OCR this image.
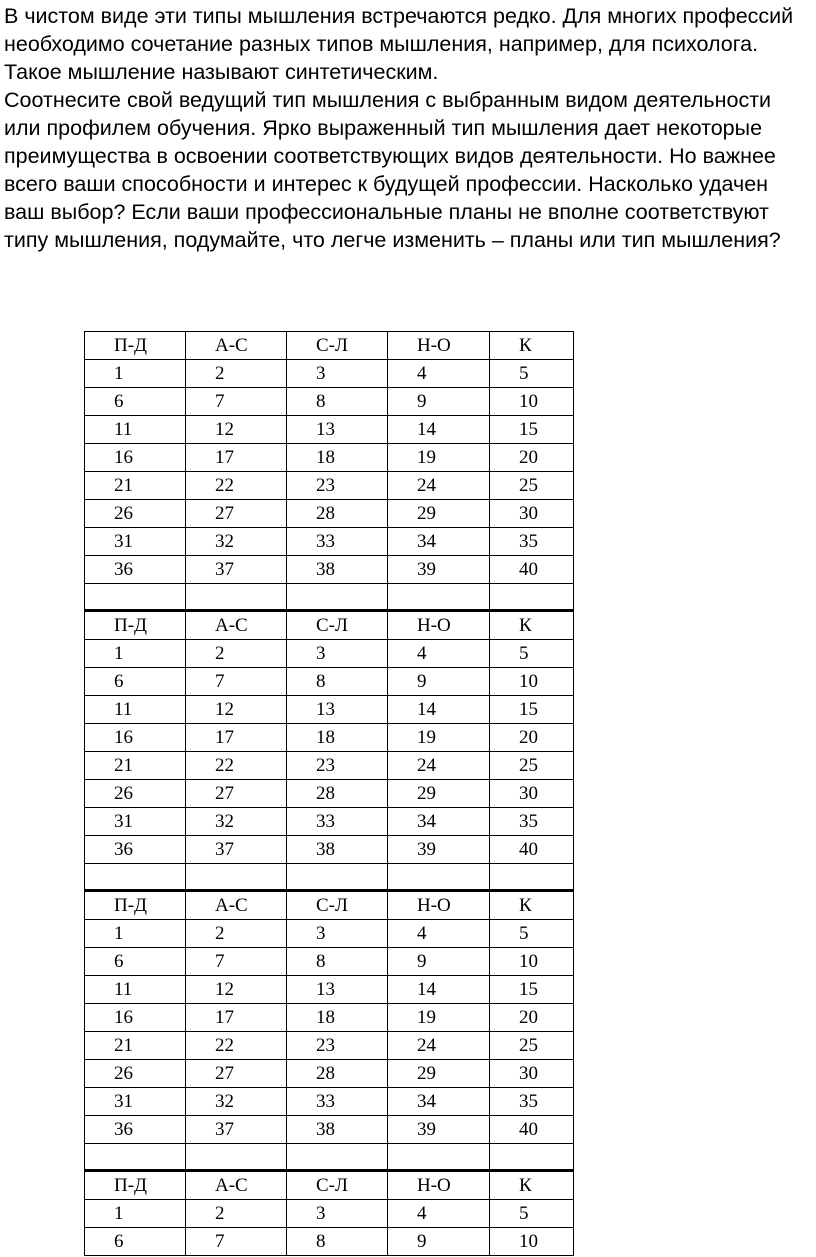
В чистом виде эти типы мышления встречаются редко. Для многих профессий необходимо сочетание разных типов мышления, например, для психолога. Такое мышление называют синтетическим.

Соотнесите свой ведущий тип мышления с выбранным видом деятельности или профилем обучения. Ярко выраженный тип мышления дает некоторые преимущества в освоении соответствующих видов деятельности. Но важнее всего ваши способности и интерес к будущей профессии. Насколько удачен ваш выбор? Если ваши профессиональные планы не вполне соответствуют типу мышления, подумайте, что легче изменить – планы или тип мышления?

П-Д	А-С	С-Л	Н-О	К
1	2	3	4	5
6	7	8	9	10
11	12	13	14	15
16	17	18	19	20
21	22	23	24	25
26	27	28	29	30
31	32	33	34	35
36	37	38	39	40

П-Д	А-С	С-Л	Н-О	К
1	2	3	4	5
6	7	8	9	10
11	12	13	14	15
16	17	18	19	20
21	22	23	24	25
26	27	28	29	30
31	32	33	34	35
36	37	38	39	40

П-Д	А-С	С-Л	Н-О	К
1	2	3	4	5
6	7	8	9	10
11	12	13	14	15
16	17	18	19	20
21	22	23	24	25
26	27	28	29	30
31	32	33	34	35
36	37	38	39	40

П-Д	А-С	С-Л	Н-О	К
1	2	3	4	5
6	7	8	9	10
